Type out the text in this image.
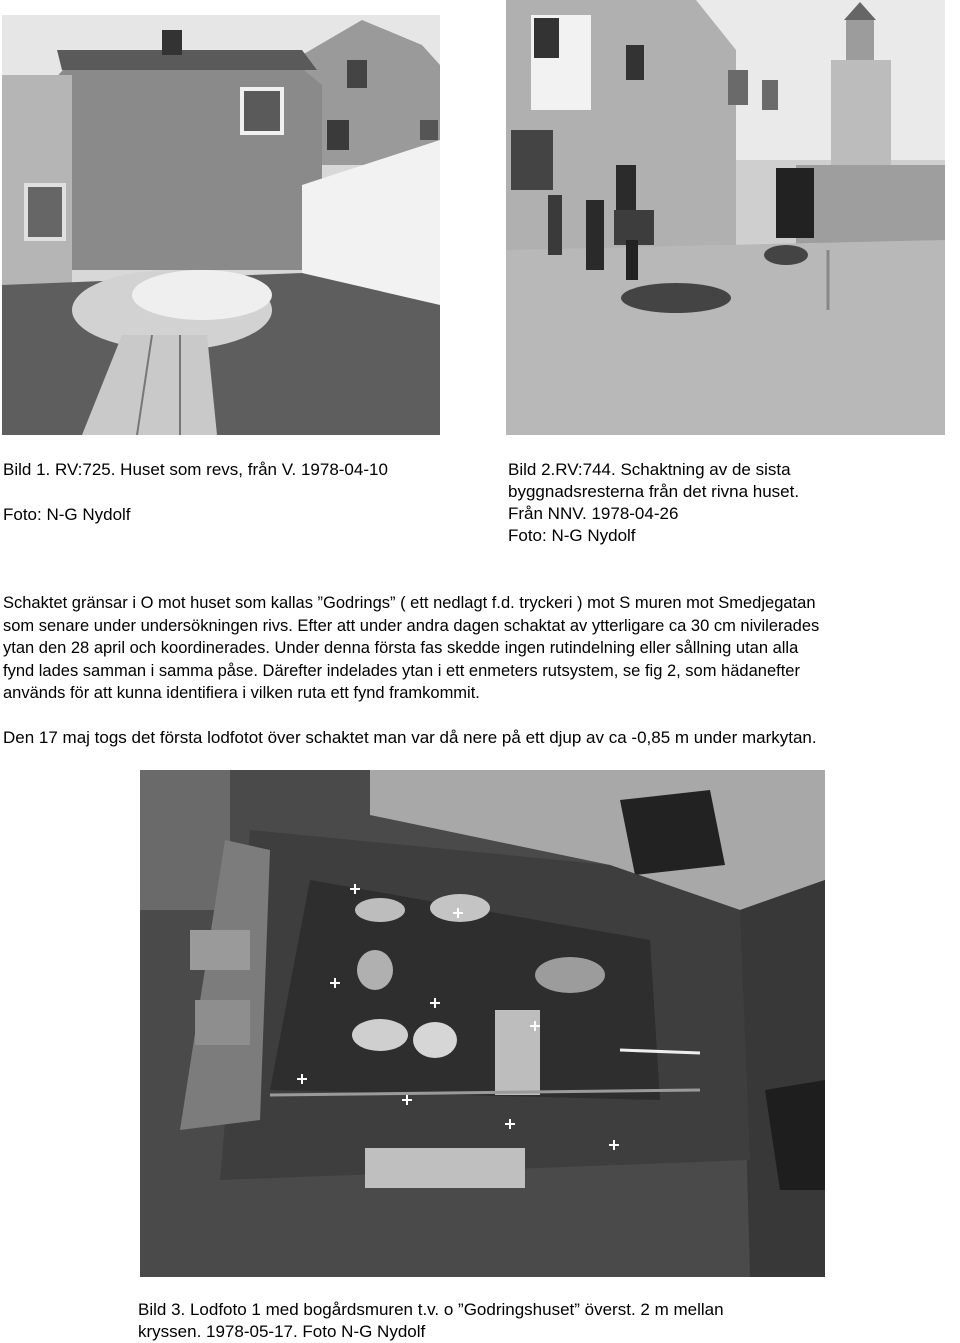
Bild 1. RV:725. Huset som revs, från V. 1978-04-10
Foto: N-G Nydolf
Bild 2.RV:744. Schaktning av de sista
byggnadsresterna från det rivna huset.
Från NNV. 1978-04-26
Foto: N-G Nydolf
Schaktet gränsar i O mot huset som kallas ”Godrings” ( ett nedlagt f.d. tryckeri ) mot S muren mot Smedjegatan
som senare under undersökningen rivs. Efter att under andra dagen schaktat av ytterligare ca 30 cm nivilerades
ytan den 28 april och koordinerades. Under denna första fas skedde ingen rutindelning eller sållning utan alla
fynd lades samman i samma påse. Därefter indelades ytan i ett enmeters rutsystem, se fig 2, som hädanefter
används för att kunna identifiera i vilken ruta ett fynd framkommit.
Den 17 maj togs det första lodfotot över schaktet man var då nere på ett djup av ca -0,85 m under markytan.
Bild 3. Lodfoto 1 med bogårdsmuren t.v. o ”Godringshuset” överst. 2 m mellan
kryssen. 1978-05-17. Foto N-G Nydolf
